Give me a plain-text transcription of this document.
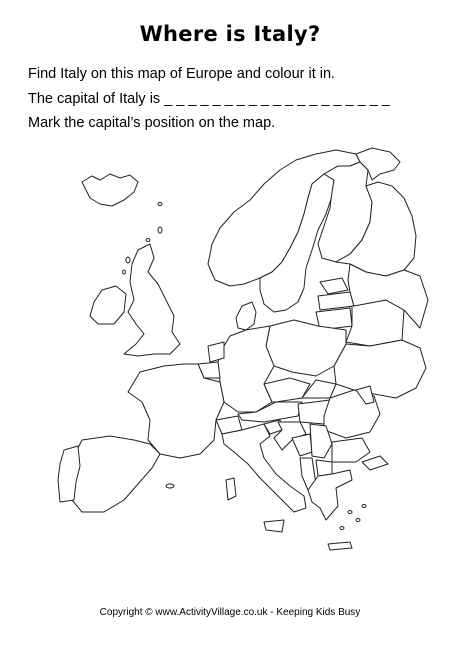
Where is Italy?
Find Italy on this map of Europe and colour it in.
The capital of Italy is _ _ _ _ _ _ _ _ _ _ _ _ _ _ _ _ _ _ _
Mark the capital’s position on the map.
Copyright © www.ActivityVillage.co.uk - Keeping Kids Busy
